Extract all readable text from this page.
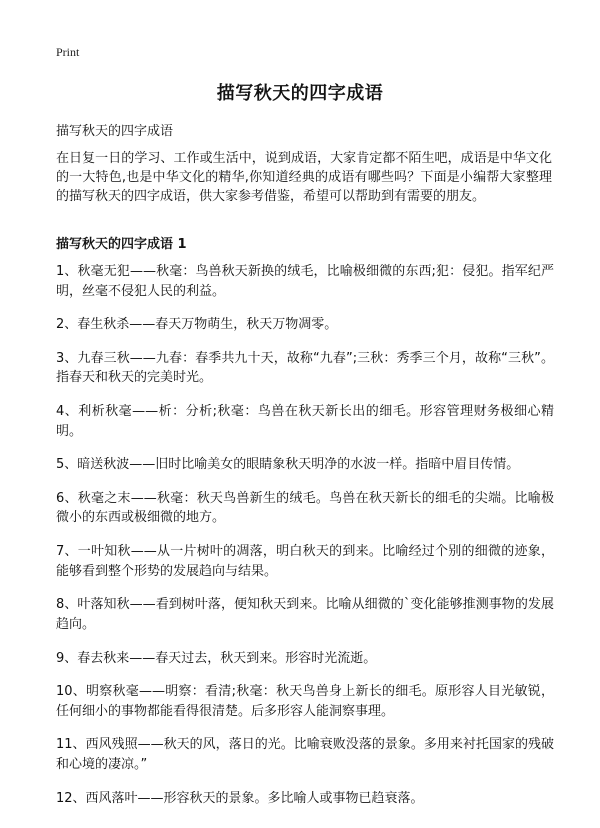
Print
描写秋天的四字成语

描写秋天的四字成语

在日复一日的学习、工作或生活中，说到成语，大家肯定都不陌生吧，成语是中华文化的一大特色,也是中华文化的精华,你知道经典的成语有哪些吗？下面是小编帮大家整理的描写秋天的四字成语，供大家参考借鉴，希望可以帮助到有需要的朋友。

描写秋天的四字成语 1
1、秋毫无犯——秋毫：鸟兽秋天新换的绒毛，比喻极细微的东西;犯：侵犯。指军纪严明，丝毫不侵犯人民的利益。
2、春生秋杀——春天万物萌生，秋天万物凋零。
3、九春三秋——九春：春季共九十天，故称“九春”;三秋：秀季三个月，故称“三秋”。指春天和秋天的完美时光。
4、利析秋毫——析：分析;秋毫：鸟兽在秋天新长出的细毛。形容管理财务极细心精明。
5、暗送秋波——旧时比喻美女的眼睛象秋天明净的水波一样。指暗中眉目传情。
6、秋毫之末——秋毫：秋天鸟兽新生的绒毛。鸟兽在秋天新长的细毛的尖端。比喻极微小的东西或极细微的地方。
7、一叶知秋——从一片树叶的凋落，明白秋天的到来。比喻经过个别的细微的迹象，能够看到整个形势的发展趋向与结果。
8、叶落知秋——看到树叶落，便知秋天到来。比喻从细微的`变化能够推测事物的发展趋向。
9、春去秋来——春天过去，秋天到来。形容时光流逝。
10、明察秋毫——明察：看清;秋毫：秋天鸟兽身上新长的细毛。原形容人目光敏锐，任何细小的事物都能看得很清楚。后多形容人能洞察事理。
11、西风残照——秋天的风，落日的光。比喻衰败没落的景象。多用来衬托国家的残破和心境的凄凉。”
12、西风落叶——形容秋天的景象。多比喻人或事物已趋衰落。
